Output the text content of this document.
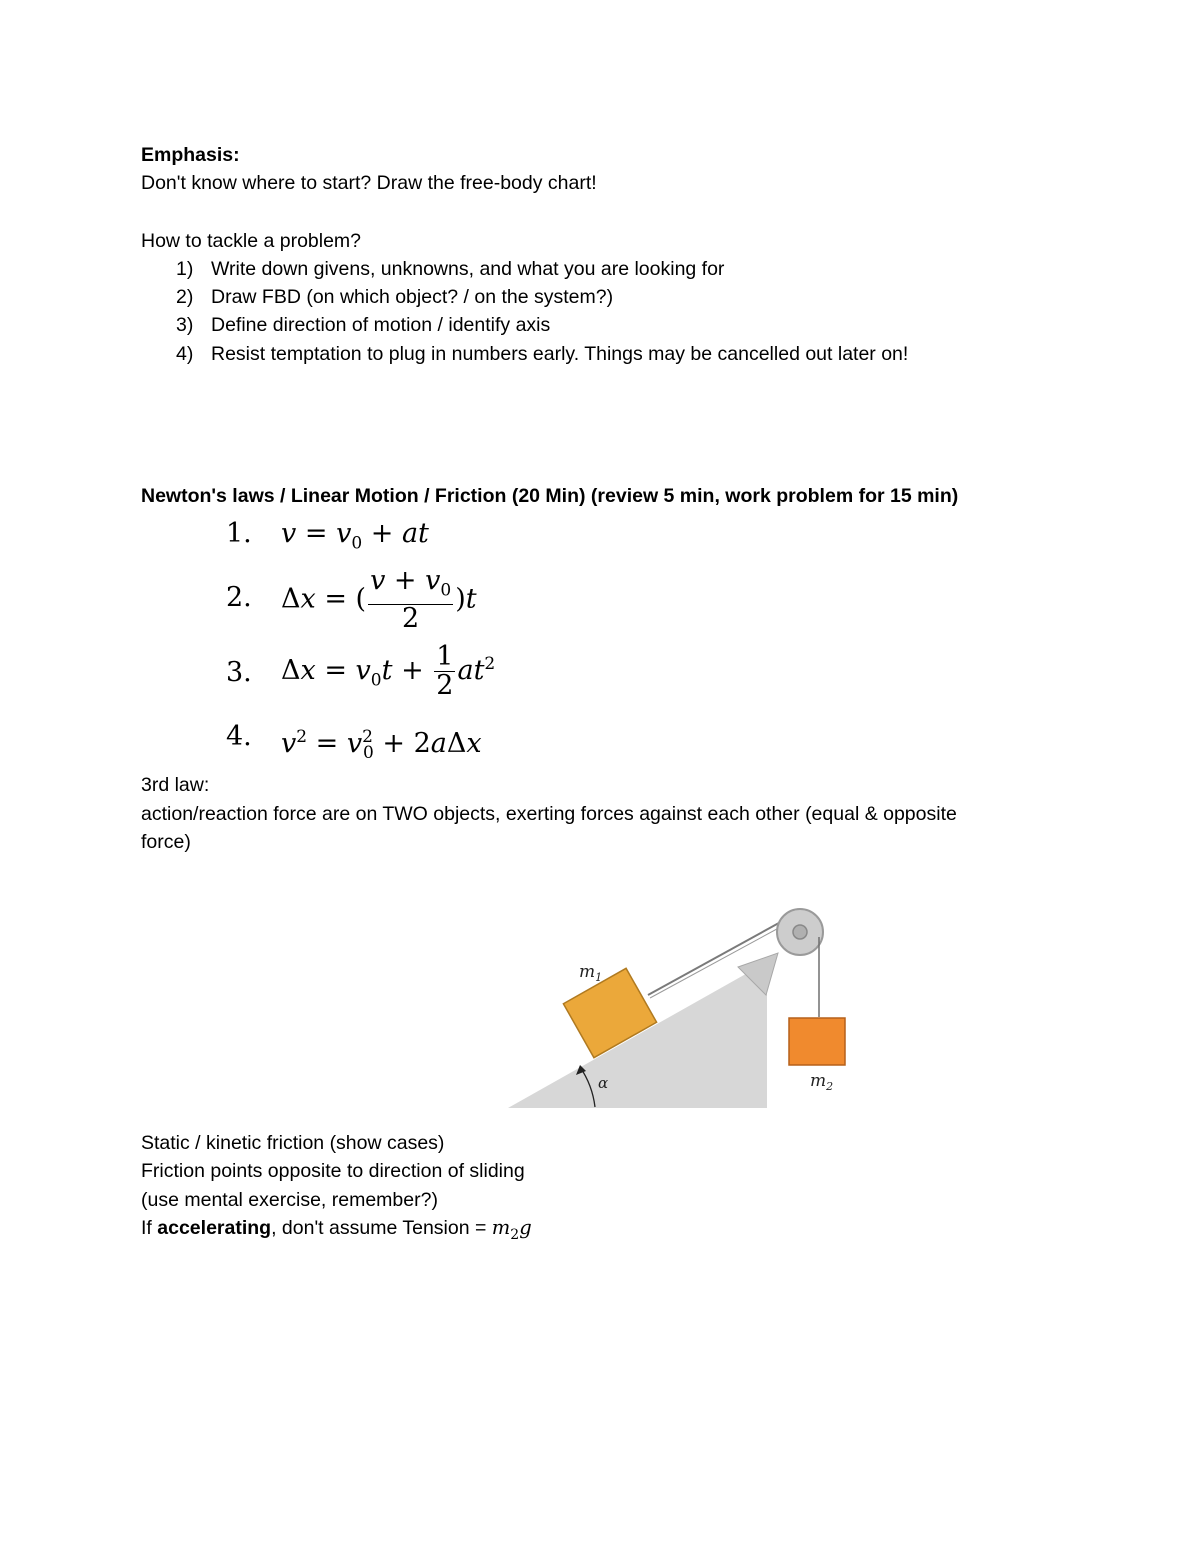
Emphasis:
Don't know where to start? Draw the free-body chart!
How to tackle a problem?
1) Write down givens, unknowns, and what you are looking for
2) Draw FBD (on which object? / on the system?)
3) Define direction of motion / identify axis
4) Resist temptation to plug in numbers early. Things may be cancelled out later on!
Newton's laws / Linear Motion / Friction (20 Min) (review 5 min, work problem for 15 min)
1. $v = v_0$ + at
2. Δx = ( $\frac{v + v_0}{2} )t$
3. $\Delta x = v_0t + \frac{1}{2} at^2$
4. $v^2 = v^2_0 + 2a\Delta x$
3rd law:
action/reaction force are on TWO objects, exerting forces against each other (equal & opposite
force)
$m_1$
$m_2$
α
Static / kinetic friction (show cases)
Friction points opposite to direction of sliding
(use mental exercise, remember?)
If accelerating, don't assume Tension = $m_2g$
